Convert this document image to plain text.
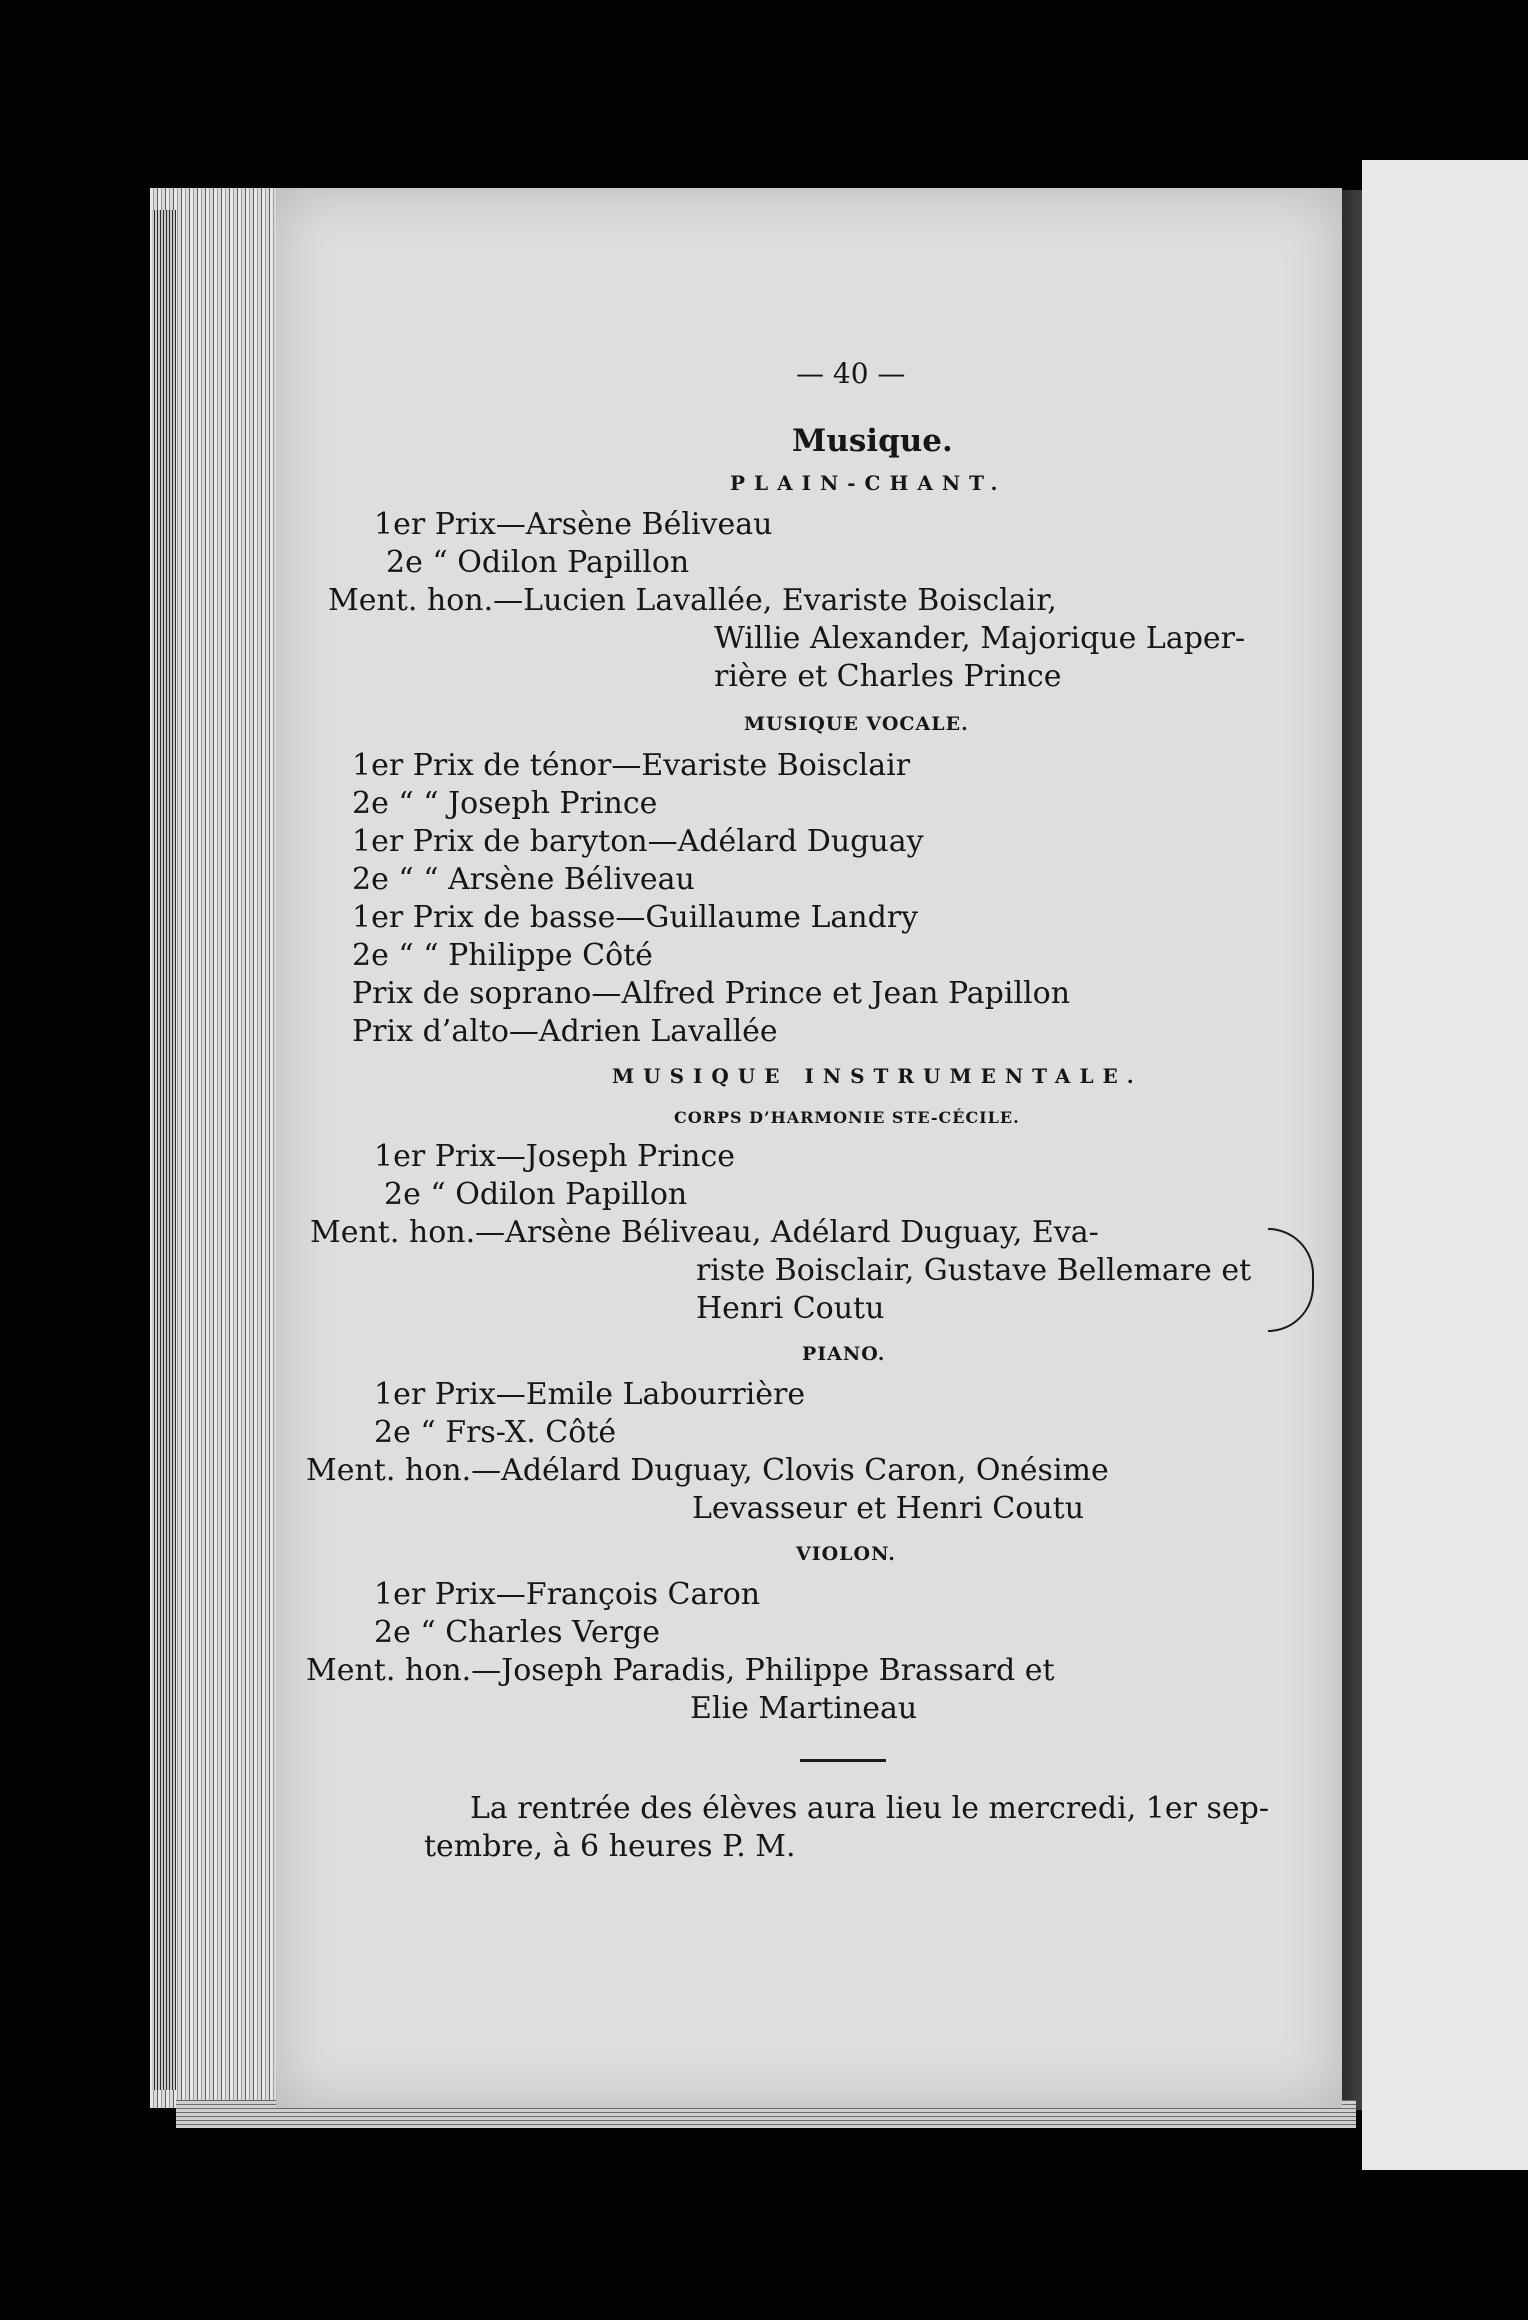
— 40 —
Musique.
PLAIN-CHANT.
1er Prix—Arsène Béliveau
2e “ Odilon Papillon
Ment. hon.—Lucien Lavallée, Evariste Boisclair,
Willie Alexander, Majorique Laper-
rière et Charles Prince
MUSIQUE VOCALE.
1er Prix de ténor—Evariste Boisclair
2e “ “ Joseph Prince
1er Prix de baryton—Adélard Duguay
2e “ “ Arsène Béliveau
1er Prix de basse—Guillaume Landry
2e “ “ Philippe Côté
Prix de soprano—Alfred Prince et Jean Papillon
Prix d’alto—Adrien Lavallée
MUSIQUE INSTRUMENTALE.
CORPS D’HARMONIE STE-CÉCILE.
1er Prix—Joseph Prince
2e “ Odilon Papillon
Ment. hon.—Arsène Béliveau, Adélard Duguay, Eva-
riste Boisclair, Gustave Bellemare et
Henri Coutu
PIANO.
1er Prix—Emile Labourrière
2e “ Frs-X. Côté
Ment. hon.—Adélard Duguay, Clovis Caron, Onésime
Levasseur et Henri Coutu
VIOLON.
1er Prix—François Caron
2e “ Charles Verge
Ment. hon.—Joseph Paradis, Philippe Brassard et
Elie Martineau
La rentrée des élèves aura lieu le mercredi, 1er sep-
tembre, à 6 heures P. M.
